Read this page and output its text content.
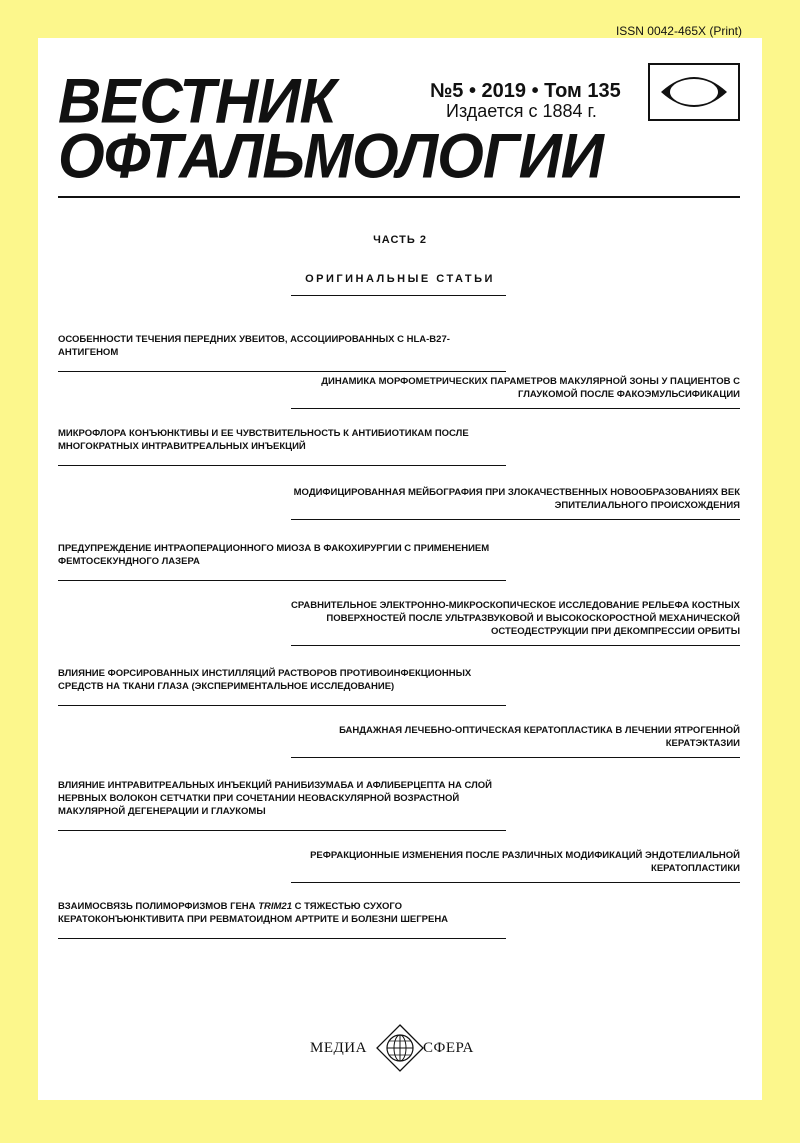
ISSN 0042-465X (Print)
ВЕСТНИК
ОФТАЛЬМОЛОГИИ
№5 • 2019 • Том 135
Издается с 1884 г.
ЧАСТЬ 2
ОРИГИНАЛЬНЫЕ СТАТЬИ
ОСОБЕННОСТИ ТЕЧЕНИЯ ПЕРЕДНИХ УВЕИТОВ, АССОЦИИРОВАННЫХ С HLA-B27-АНТИГЕНОМ
ДИНАМИКА МОРФОМЕТРИЧЕСКИХ ПАРАМЕТРОВ МАКУЛЯРНОЙ ЗОНЫ У ПАЦИЕНТОВ С ГЛАУКОМОЙ ПОСЛЕ ФАКОЭМУЛЬСИФИКАЦИИ
МИКРОФЛОРА КОНЪЮНКТИВЫ И ЕЕ ЧУВСТВИТЕЛЬНОСТЬ К АНТИБИОТИКАМ ПОСЛЕ МНОГОКРАТНЫХ ИНТРАВИТРЕАЛЬНЫХ ИНЪЕКЦИЙ
МОДИФИЦИРОВАННАЯ МЕЙБОГРАФИЯ ПРИ ЗЛОКАЧЕСТВЕННЫХ НОВООБРАЗОВАНИЯХ ВЕК ЭПИТЕЛИАЛЬНОГО ПРОИСХОЖДЕНИЯ
ПРЕДУПРЕЖДЕНИЕ ИНТРАОПЕРАЦИОННОГО МИОЗА В ФАКОХИРУРГИИ С ПРИМЕНЕНИЕМ ФЕМТОСЕКУНДНОГО ЛАЗЕРА
СРАВНИТЕЛЬНОЕ ЭЛЕКТРОННО-МИКРОСКОПИЧЕСКОЕ ИССЛЕДОВАНИЕ РЕЛЬЕФА КОСТНЫХ ПОВЕРХНОСТЕЙ ПОСЛЕ УЛЬТРАЗВУКОВОЙ И ВЫСОКОСКОРОСТНОЙ МЕХАНИЧЕСКОЙ ОСТЕОДЕСТРУКЦИИ ПРИ ДЕКОМПРЕССИИ ОРБИТЫ
ВЛИЯНИЕ ФОРСИРОВАННЫХ ИНСТИЛЛЯЦИЙ РАСТВОРОВ ПРОТИВОИНФЕКЦИОННЫХ СРЕДСТВ НА ТКАНИ ГЛАЗА (ЭКСПЕРИМЕНТАЛЬНОЕ ИССЛЕДОВАНИЕ)
БАНДАЖНАЯ ЛЕЧЕБНО-ОПТИЧЕСКАЯ КЕРАТОПЛАСТИКА В ЛЕЧЕНИИ ЯТРОГЕННОЙ КЕРАТЭКТАЗИИ
ВЛИЯНИЕ ИНТРАВИТРЕАЛЬНЫХ ИНЪЕКЦИЙ РАНИБИЗУМАБА И АФЛИБЕРЦЕПТА НА СЛОЙ НЕРВНЫХ ВОЛОКОН СЕТЧАТКИ ПРИ СОЧЕТАНИИ НЕОВАСКУЛЯРНОЙ ВОЗРАСТНОЙ МАКУЛЯРНОЙ ДЕГЕНЕРАЦИИ И ГЛАУКОМЫ
РЕФРАКЦИОННЫЕ ИЗМЕНЕНИЯ ПОСЛЕ РАЗЛИЧНЫХ МОДИФИКАЦИЙ ЭНДОТЕЛИАЛЬНОЙ КЕРАТОПЛАСТИКИ
ВЗАИМОСВЯЗЬ ПОЛИМОРФИЗМОВ ГЕНА TRIM21 С ТЯЖЕСТЬЮ СУХОГО КЕРАТОКОНЪЮНКТИВИТА ПРИ РЕВМАТОИДНОМ АРТРИТЕ И БОЛЕЗНИ ШЕГРЕНА
МЕДИА	СФЕРА
